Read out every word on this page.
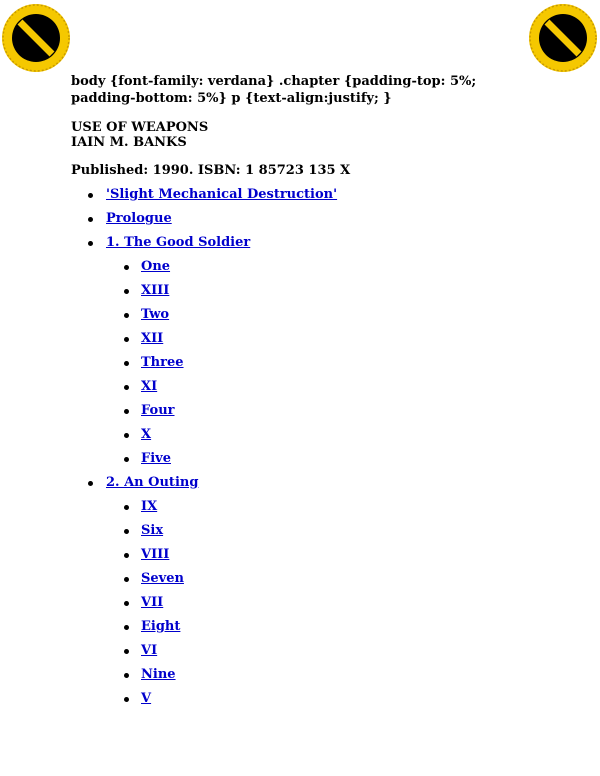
body {font-family: verdana} .chapter {padding-top: 5%; padding-bottom: 5%} p {text-align:justify; }

USE OF WEAPONS
IAIN M. BANKS
Published: 1990. ISBN: 1 85723 135 X
'Slight Mechanical Destruction'
Prologue
1. The Good Soldier
One
XIII
Two
XII
Three
XI
Four
X
Five
2. An Outing
IX
Six
VIII
Seven
VII
Eight
VI
Nine
V
